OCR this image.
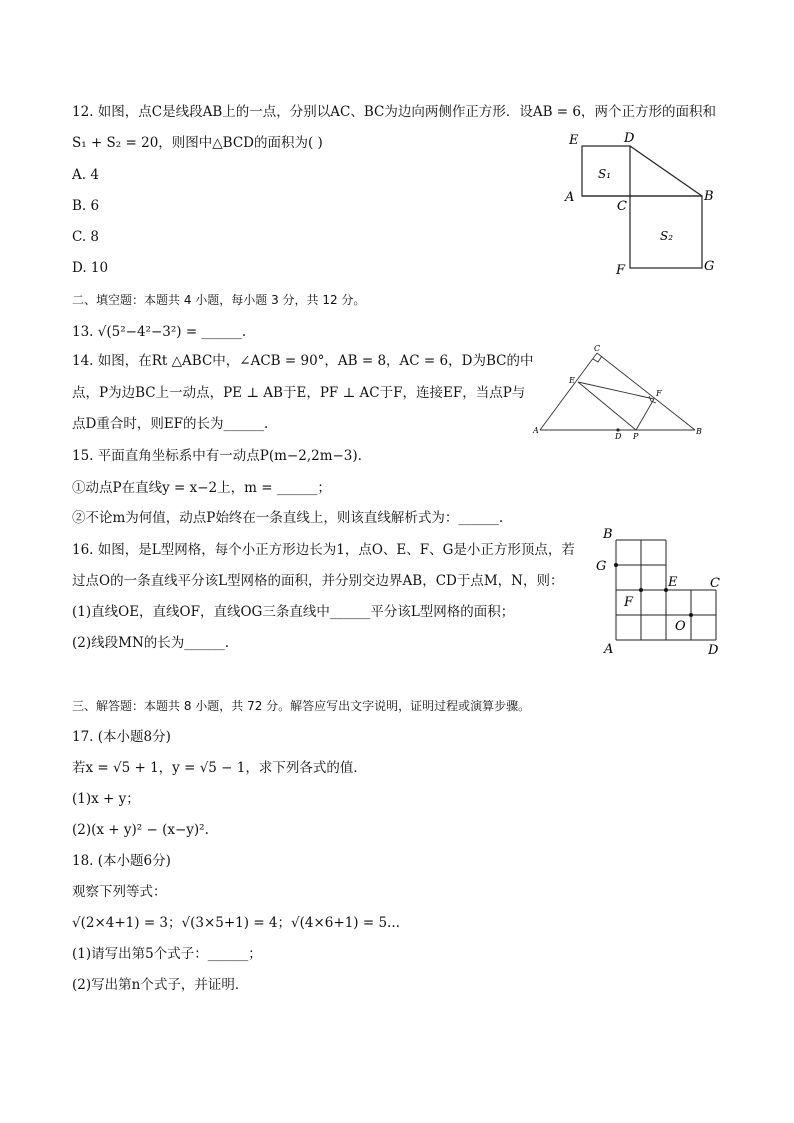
12. 如图，点C是线段AB上的一点，分别以AC、BC为边向两侧作正方形．设AB = 6，两个正方形的面积和
S₁ + S₂ = 20，则图中△BCD的面积为( )
A. 4
B. 6
C. 8
D. 10
E	D
A
C
B
F	G
S₁
S₂
二、填空题：本题共 4 小题，每小题 3 分，共 12 分。
13. √(5²−4²−3²) = ______.
14. 如图，在Rt △ABC中，∠ACB = 90°，AB = 8，AC = 6，D为BC的中
点，P为边BC上一动点，PE ⊥ AB于E，PF ⊥ AC于F，连接EF，当点P与
点D重合时，则EF的长为______.
C
E
F
A
D P
B
15. 平面直角坐标系中有一动点P(m−2,2m−3).
①动点P在直线y = x−2上，m = ______；
②不论m为何值，动点P始终在一条直线上，则该直线解析式为：______.
16. 如图，是L型网格，每个小正方形边长为1，点O、E、F、G是小正方形顶点，若
过点O的一条直线平分该L型网格的面积，并分别交边界AB，CD于点M，N，则：
(1)直线OE，直线OF，直线OG三条直线中______平分该L型网格的面积；
(2)线段MN的长为______.
B
G
E	C
F
O
A	D
三、解答题：本题共 8 小题，共 72 分。解答应写出文字说明，证明过程或演算步骤。
17. (本小题8分)
若x = √5 + 1，y = √5 − 1，求下列各式的值．
(1)x + y；
(2)(x + y)² − (x−y)².
18. (本小题6分)
观察下列等式：
√(2×4+1) = 3；√(3×5+1) = 4；√(4×6+1) = 5...
(1)请写出第5个式子：______；
(2)写出第n个式子，并证明．
